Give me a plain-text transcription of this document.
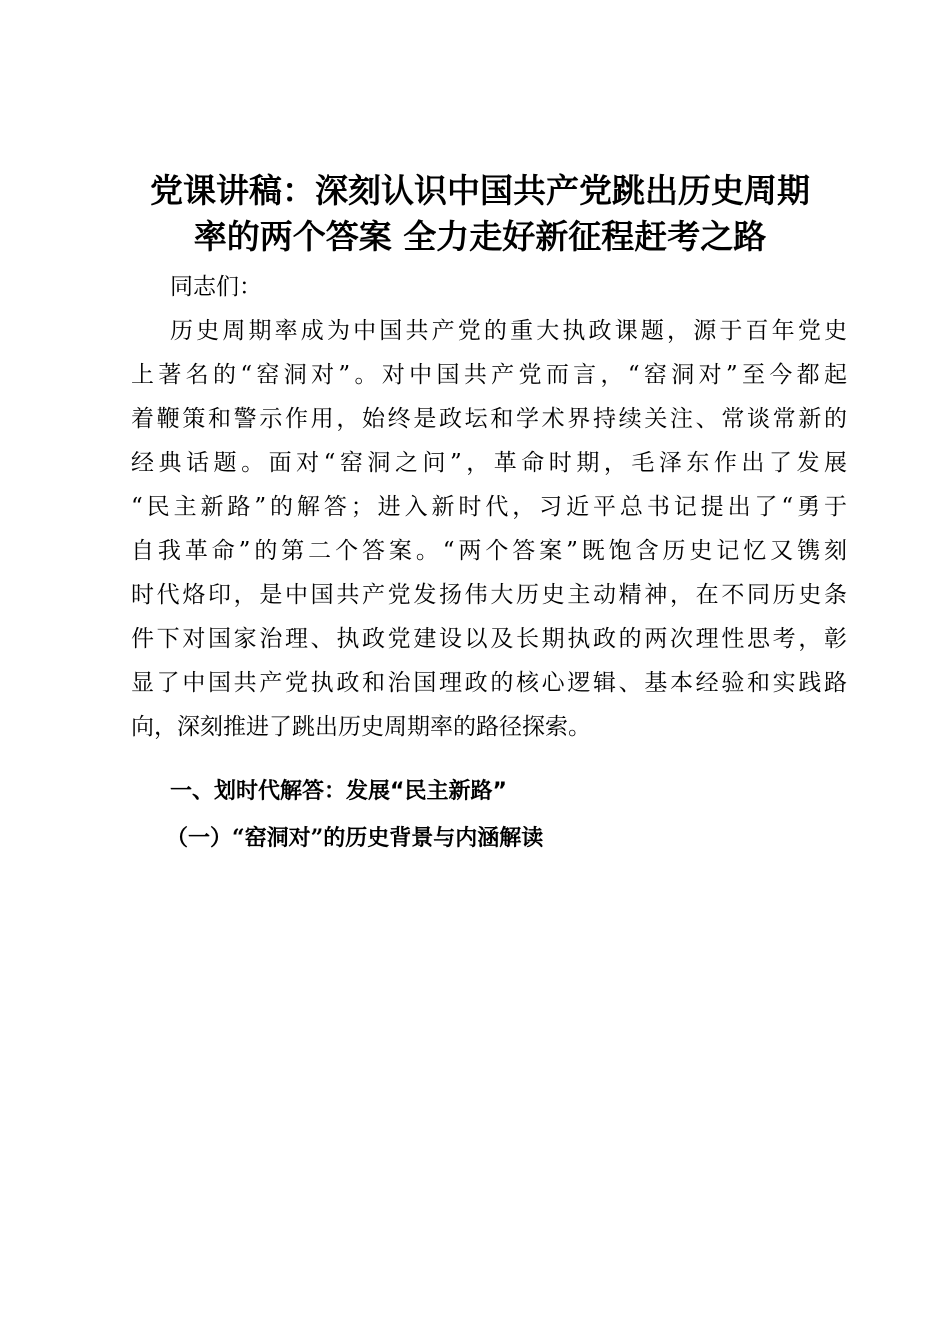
党课讲稿：深刻认识中国共产党跳出历史周期
率的两个答案 全力走好新征程赶考之路
同志们：
历史周期率成为中国共产党的重大执政课题，源于百年党史
上著名的“窑洞对”。对中国共产党而言，“窑洞对”至今都起
着鞭策和警示作用，始终是政坛和学术界持续关注、常谈常新的
经典话题。面对“窑洞之问”，革命时期，毛泽东作出了发展
“民主新路”的解答；进入新时代，习近平总书记提出了“勇于
自我革命”的第二个答案。“两个答案”既饱含历史记忆又镌刻
时代烙印，是中国共产党发扬伟大历史主动精神，在不同历史条
件下对国家治理、执政党建设以及长期执政的两次理性思考，彰
显了中国共产党执政和治国理政的核心逻辑、基本经验和实践路
向，深刻推进了跳出历史周期率的路径探索。
一、划时代解答：发展“民主新路”
（一）“窑洞对”的历史背景与内涵解读
